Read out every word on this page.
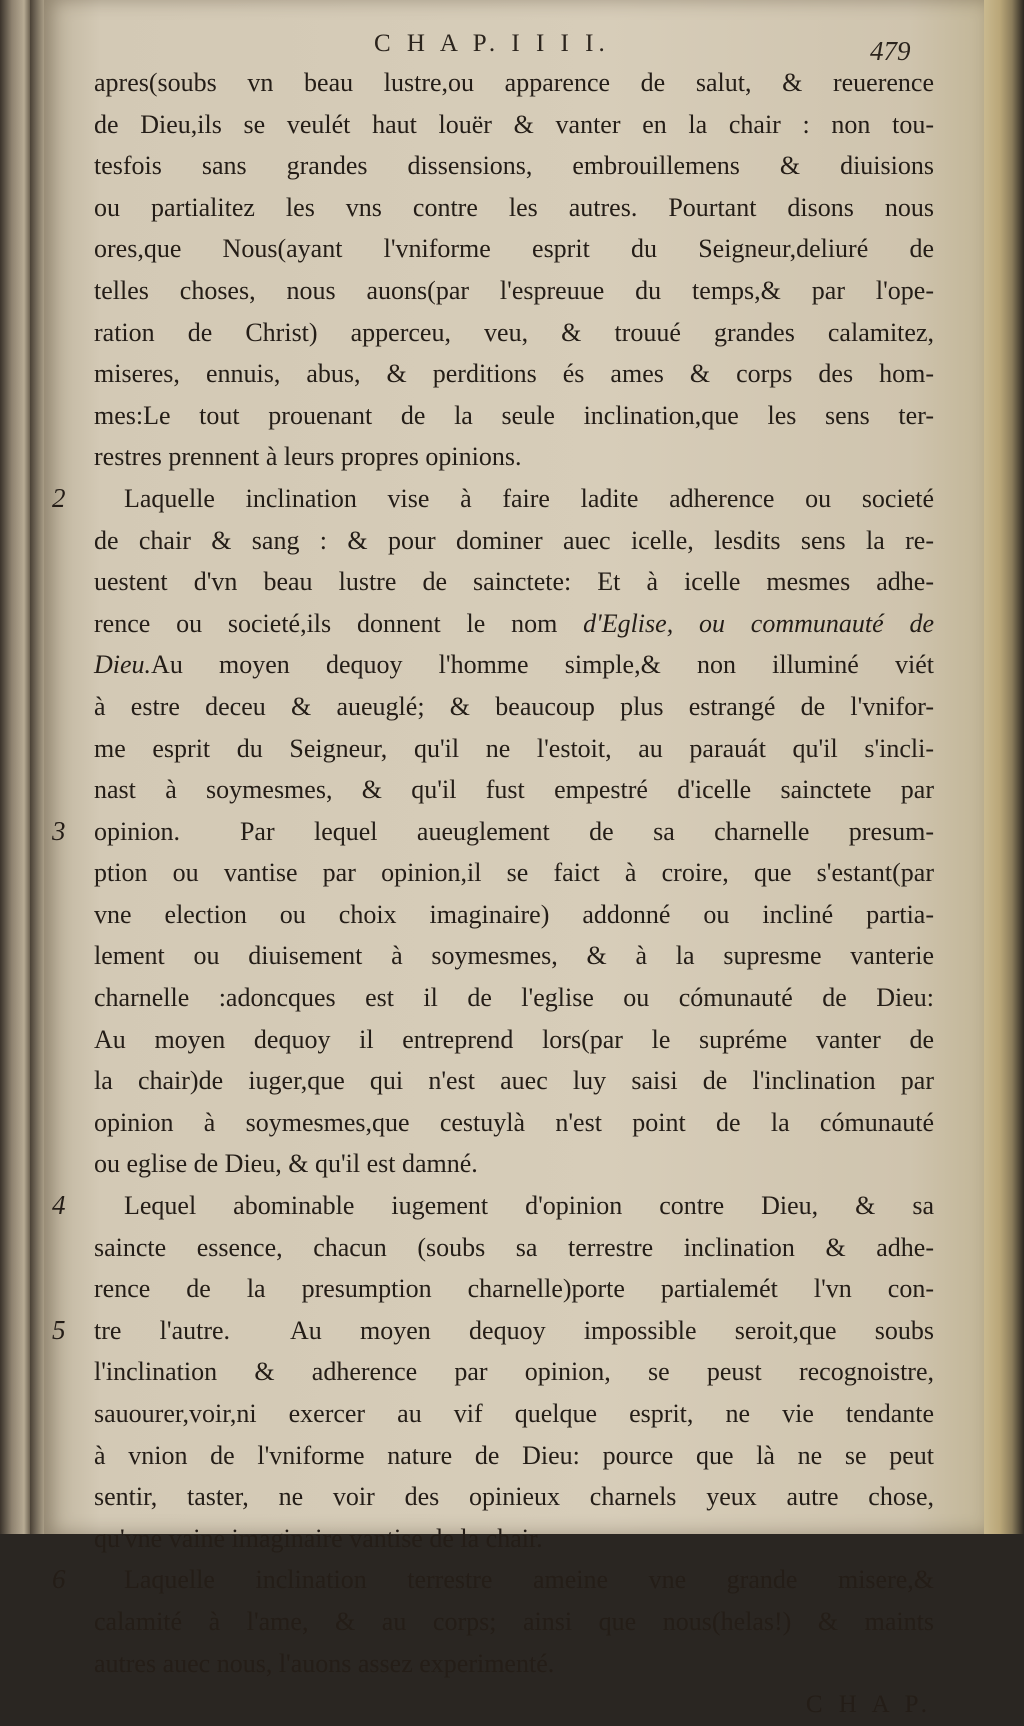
C H A P. I I I I.	479
apres(soubs vn beau lustre,ou apparence de salut, & reuerence
de Dieu,ils se veulét haut louër & vanter en la chair : non tou-
tesfois sans grandes dissensions, embrouillemens & diuisions
ou partialitez les vns contre les autres. Pourtant disons nous
ores,que Nous(ayant l'vniforme esprit du Seigneur,deliuré de
telles choses, nous auons(par l'espreuue du temps,& par l'ope-
ration de Christ) apperceu, veu, & trouué grandes calamitez,
miseres, ennuis, abus, & perditions és ames & corps des hom-
mes:Le tout prouenant de la seule inclination,que les sens ter-
restres prennent à leurs propres opinions.
2 Laquelle inclination vise à faire ladite adherence ou societé
de chair & sang : & pour dominer auec icelle, lesdits sens la re-
uestent d'vn beau lustre de sainctete: Et à icelle mesmes adhe-
rence ou societé,ils donnent le nom d'Eglise, ou communauté de
Dieu.Au moyen dequoy l'homme simple,& non illuminé viét
à estre deceu & aueuglé; & beaucoup plus estrangé de l'vnifor-
me esprit du Seigneur, qu'il ne l'estoit, au parauát qu'il s'incli-
nast à soymesmes, & qu'il fust empestré d'icelle sainctete par
3 opinion. Par lequel aueuglement de sa charnelle presum-
ption ou vantise par opinion,il se faict à croire, que s'estant(par
vne election ou choix imaginaire) addonné ou incliné partia-
lement ou diuisement à soymesmes, & à la supresme vanterie
charnelle :adoncques est il de l'eglise ou cómunauté de Dieu:
Au moyen dequoy il entreprend lors(par le supréme vanter de
la chair)de iuger,que qui n'est auec luy saisi de l'inclination par
opinion à soymesmes,que cestuylà n'est point de la cómunauté
ou eglise de Dieu, & qu'il est damné.
4 Lequel abominable iugement d'opinion contre Dieu, & sa
saincte essence, chacun (soubs sa terrestre inclination & adhe-
rence de la presumption charnelle)porte partialemét l'vn con-
5 tre l'autre. Au moyen dequoy impossible seroit,que soubs
l'inclination & adherence par opinion, se peust recognoistre,
sauourer,voir,ni exercer au vif quelque esprit, ne vie tendante
à vnion de l'vniforme nature de Dieu: pource que là ne se peut
sentir, taster, ne voir des opinieux charnels yeux autre chose,
qu'vne vaine imaginaire vantise de la chair.
6 Laquelle inclination terrestre ameine vne grande misere,&
calamité à l'ame, & au corps; ainsi que nous(helas!) & maints
autres auec nous, l'auons assez experimenté.
C H A P.
